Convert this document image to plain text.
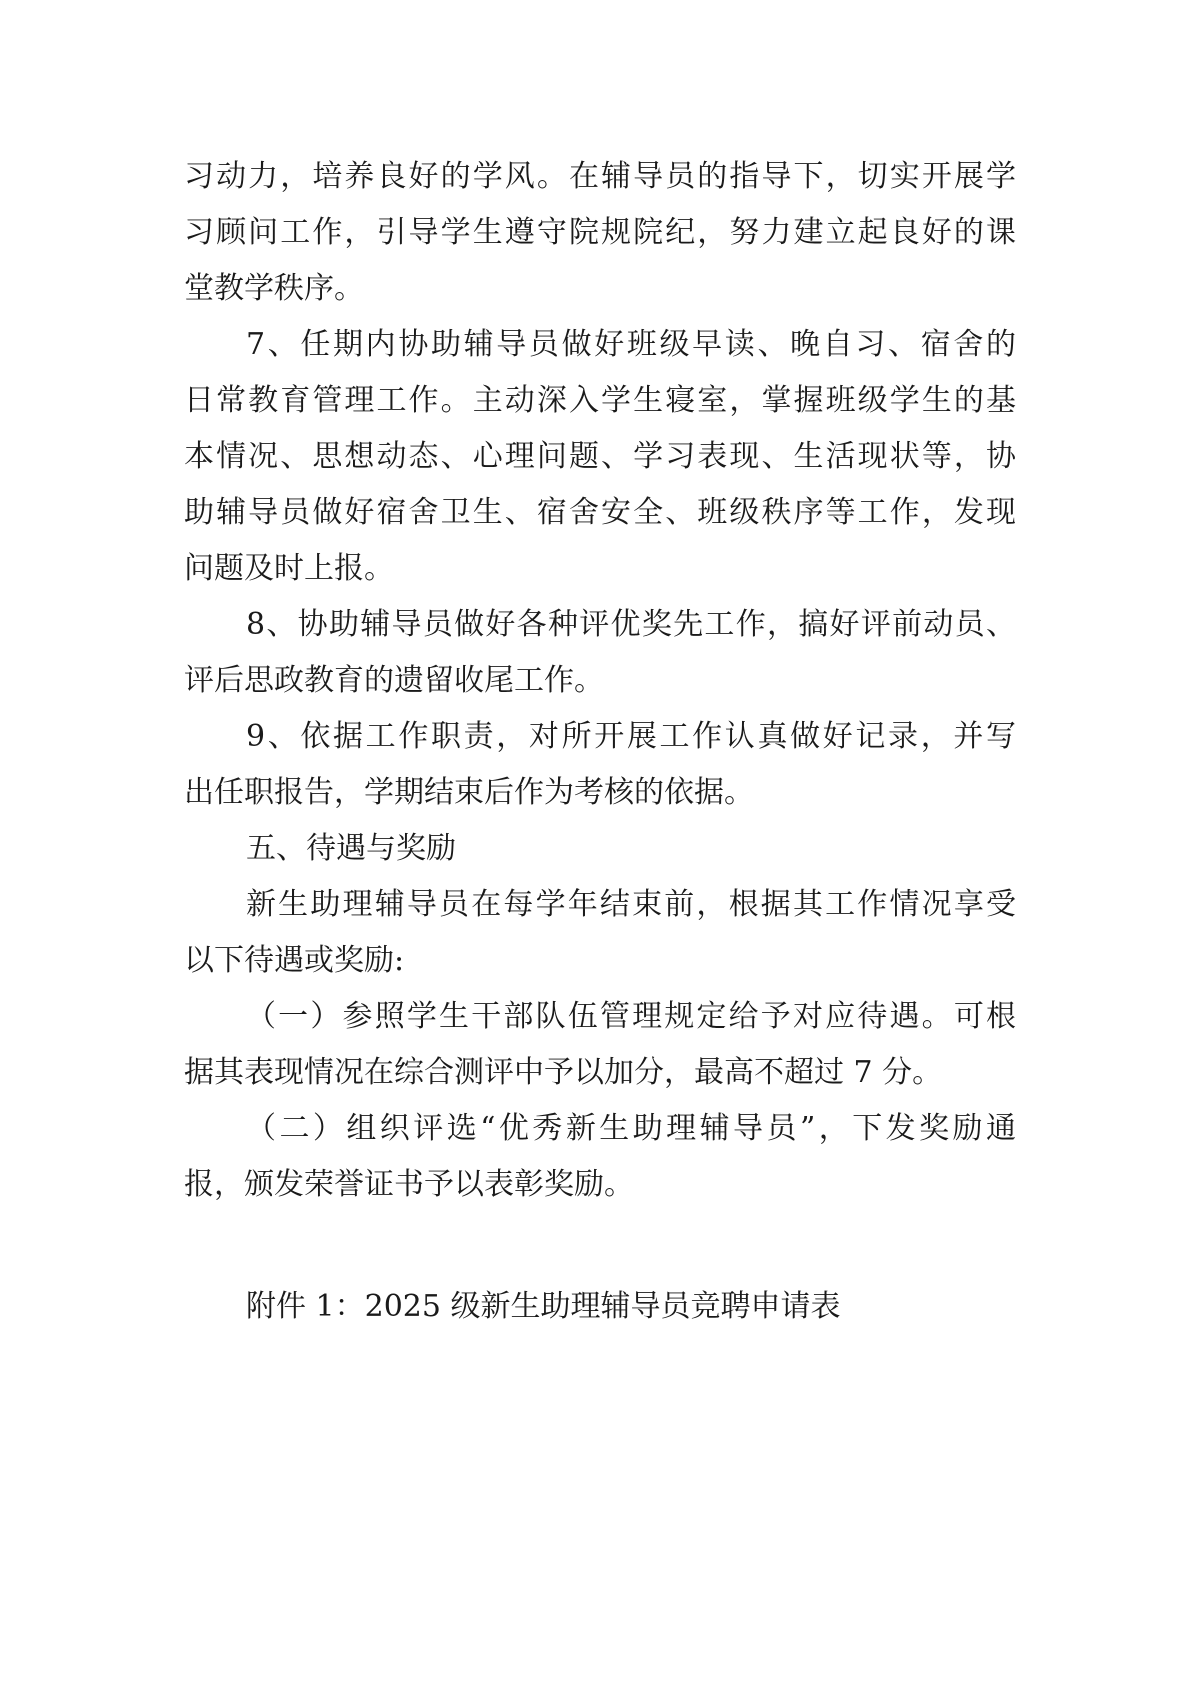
习动力，培养良好的学风。在辅导员的指导下，切实开展学
习顾问工作，引导学生遵守院规院纪，努力建立起良好的课
堂教学秩序。
7、任期内协助辅导员做好班级早读、晚自习、宿舍的
日常教育管理工作。主动深入学生寝室，掌握班级学生的基
本情况、思想动态、心理问题、学习表现、生活现状等，协
助辅导员做好宿舍卫生、宿舍安全、班级秩序等工作，发现
问题及时上报。
8、协助辅导员做好各种评优奖先工作，搞好评前动员、
评后思政教育的遗留收尾工作。
9、依据工作职责，对所开展工作认真做好记录，并写
出任职报告，学期结束后作为考核的依据。
五、待遇与奖励
新生助理辅导员在每学年结束前，根据其工作情况享受
以下待遇或奖励:
（一）参照学生干部队伍管理规定给予对应待遇。可根
据其表现情况在综合测评中予以加分，最高不超过 7 分。
（二）组织评选“优秀新生助理辅导员”，下发奖励通
报，颁发荣誉证书予以表彰奖励。
附件 1：2025 级新生助理辅导员竞聘申请表
